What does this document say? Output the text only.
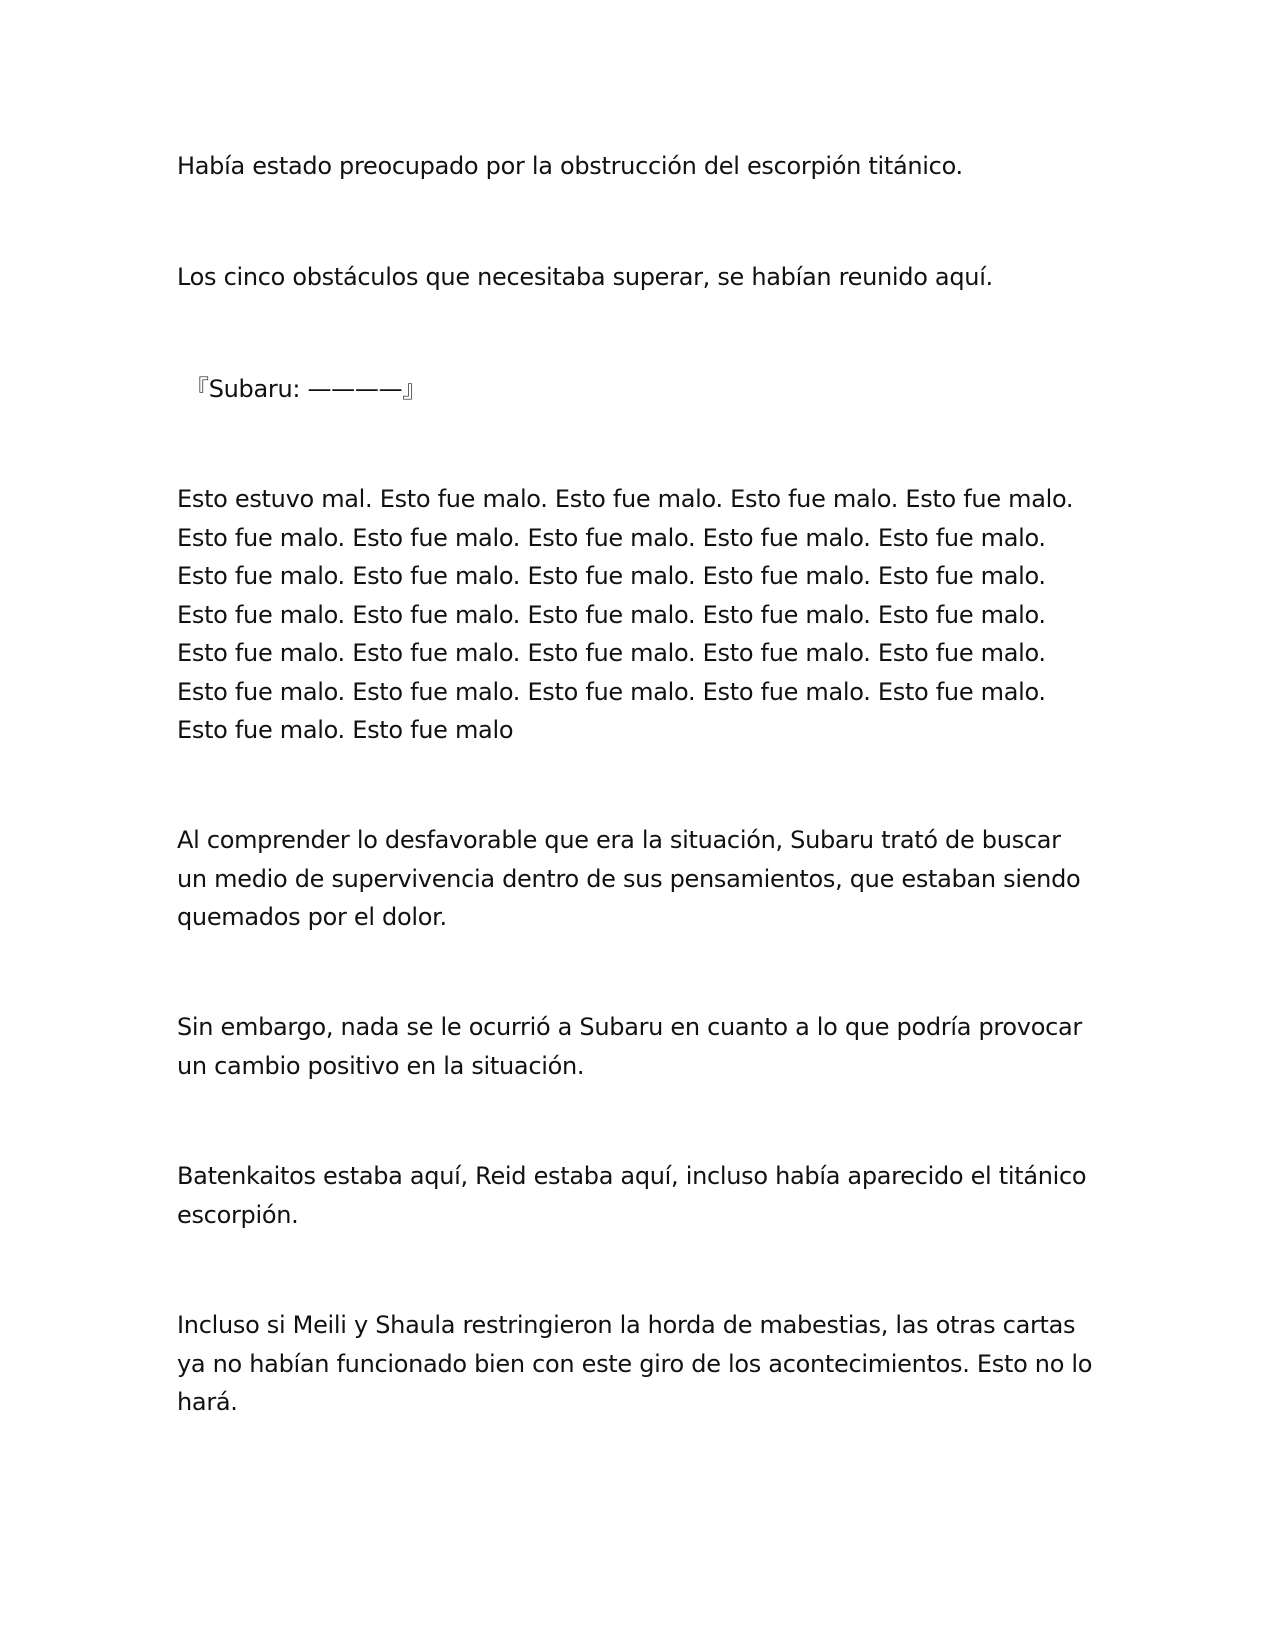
Había estado preocupado por la obstrucción del escorpión titánico.

Los cinco obstáculos que necesitaba superar, se habían reunido aquí.

『Subaru: ————』

Esto estuvo mal. Esto fue malo. Esto fue malo. Esto fue malo. Esto fue malo.
Esto fue malo. Esto fue malo. Esto fue malo. Esto fue malo. Esto fue malo.
Esto fue malo. Esto fue malo. Esto fue malo. Esto fue malo. Esto fue malo.
Esto fue malo. Esto fue malo. Esto fue malo. Esto fue malo. Esto fue malo.
Esto fue malo. Esto fue malo. Esto fue malo. Esto fue malo. Esto fue malo.
Esto fue malo. Esto fue malo. Esto fue malo. Esto fue malo. Esto fue malo.
Esto fue malo. Esto fue malo

Al comprender lo desfavorable que era la situación, Subaru trató de buscar
un medio de supervivencia dentro de sus pensamientos, que estaban siendo
quemados por el dolor.

Sin embargo, nada se le ocurrió a Subaru en cuanto a lo que podría provocar
un cambio positivo en la situación.

Batenkaitos estaba aquí, Reid estaba aquí, incluso había aparecido el titánico
escorpión.

Incluso si Meili y Shaula restringieron la horda de mabestias, las otras cartas
ya no habían funcionado bien con este giro de los acontecimientos. Esto no lo
hará.
